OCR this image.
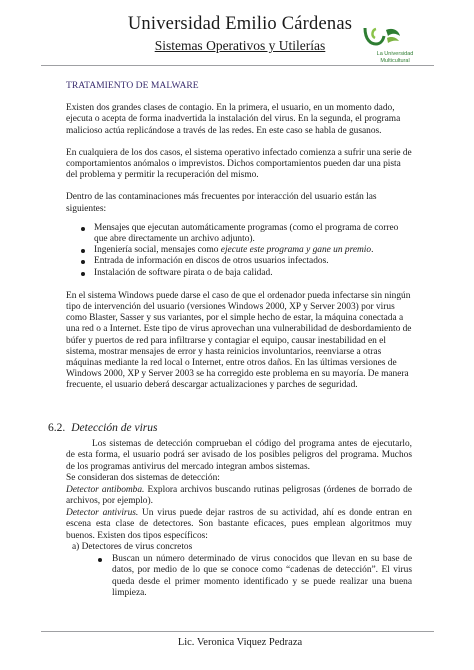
Universidad Emilio Cárdenas
Sistemas Operativos y Utilerías
La Universidad
Multicultural
TRATAMIENTO DE MALWARE

Existen dos grandes clases de contagio. En la primera, el usuario, en un momento dado, ejecuta o acepta de forma inadvertida la instalación del virus. En la segunda, el programa malicioso actúa replicándose a través de las redes. En este caso se habla de gusanos.

En cualquiera de los dos casos, el sistema operativo infectado comienza a sufrir una serie de comportamientos anómalos o imprevistos. Dichos comportamientos pueden dar una pista del problema y permitir la recuperación del mismo.

Dentro de las contaminaciones más frecuentes por interacción del usuario están las siguientes:

Mensajes que ejecutan automáticamente programas (como el programa de correo que abre directamente un archivo adjunto).
Ingeniería social, mensajes como ejecute este programa y gane un premio.
Entrada de información en discos de otros usuarios infectados.
Instalación de software pirata o de baja calidad.

En el sistema Windows puede darse el caso de que el ordenador pueda infectarse sin ningún tipo de intervención del usuario (versiones Windows 2000, XP y Server 2003) por virus como Blaster, Sasser y sus variantes, por el simple hecho de estar, la máquina conectada a una red o a Internet. Este tipo de virus aprovechan una vulnerabilidad de desbordamiento de búfer y puertos de red para infiltrarse y contagiar el equipo, causar inestabilidad en el sistema, mostrar mensajes de error y hasta reinicios involuntarios, reenviarse a otras máquinas mediante la red local o Internet, entre otros daños. En las últimas versiones de Windows 2000, XP y Server 2003 se ha corregido este problema en su mayoría. De manera frecuente, el usuario deberá descargar actualizaciones y parches de seguridad.

6.2. Detección de virus

Los sistemas de detección comprueban el código del programa antes de ejecutarlo, de esta forma, el usuario podrá ser avisado de los posibles peligros del programa. Muchos de los programas antivirus del mercado integran ambos sistemas.

Se consideran dos sistemas de detección:

Detector antibomba. Explora archivos buscando rutinas peligrosas (órdenes de borrado de archivos, por ejemplo).

Detector antivirus. Un virus puede dejar rastros de su actividad, ahí es donde entran en escena esta clase de detectores. Son bastante eficaces, pues emplean algoritmos muy buenos. Existen dos tipos específicos:

a) Detectores de virus concretos

Buscan un número determinado de virus conocidos que llevan en su base de datos, por medio de lo que se conoce como “cadenas de detección”. El virus queda desde el primer momento identificado y se puede realizar una buena limpieza.

Lic. Veronica Viquez Pedraza
